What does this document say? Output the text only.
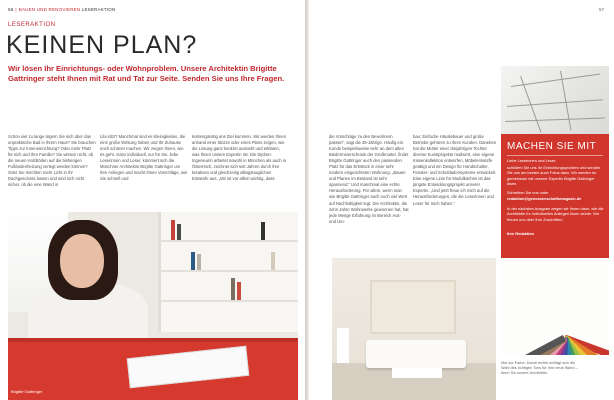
56 | BAUEN UND RENOVIEREN LESERAKTION
LESERAKTION
KEINEN PLAN?
Wir lösen Ihr Einrichtungs- oder Wohnproblem. Unsere Architektin Brigitte Gattringer steht Ihnen mit Rat und Tat zur Seite. Senden Sie uns Ihre Fragen.

Schon viel zu lange ärgern Sie sich über das unpraktische Bad in Ihrem Haus? Sie brauchen Tipps zur Inneneinrichtung? Oder mehr Platz für sich und Ihre Familie? Sie wissen nicht, ob die neuen Holzböden auf die bisherigen Fußbodenheizung verlegt werden können? Oder Sie möchten mehr Licht in Ihr Dachgeschoss lassen und sind sich nicht sicher, ob die eine Wand in

Lila sitzt? Manchmal sind es Kleinigkeiten, die eine große Wirkung haben und Ihr Zuhause noch schöner machen. Wir zeigen Ihnen, wie es geht. Ganz individuell, nur für Sie, liebe Leserinnen und Leser, kümmert sich die Münchner Architektin Brigitte Gattringer um Ihre Anliegen und macht Ihnen Vorschläge, wie Sie schnell und

kostengünstig ans Ziel kommen. Wir werden Ihnen anhand einer Skizze oder eines Plans zeigen, wie die Lösung ganz konkret aussieht und erklären, was Ihnen unsere Expertin rät. Die Diplom-Ingenieurin arbeitet sowohl in München als auch in Österreich, zeichnet sich seit Jahren durch ihre kreativen und gleichzeitig alltagstauglichen Entwürfe aus. „Mir ist vor allem wichtig, dass

Brigitte Gattringer
57

die Vorschläge zu den Bewohnern passen“, sagt die 35-Jährige. Häufig ein Kunde beispielsweise sehr an dem alten Biedermeierschrank der Großmutter, findet Brigitte Gattringer auch den passenden Platz für das Erbstück in einer sehr modern eingerichteten Wohnung. „Bauen und Planen im Bestand ist sehr spannend.“ Und manchmal eine echte Herausforderung. Für allem, wenn man wie Brigitte Gattringer auch noch viel Wert auf Nachhaltigkeit legt. Die Architektin, die zehn Jahre Wohnwerke gewonnen hat, hat jede Menge Erfahrung im Bereich Aus- und Um-

bau: Einfache Häuslebauer und große Betriebe gehören zu ihren Kunden. Daneben hat die Mutter einer dreijährigen Tochter diverse Kunstprojekte realisiert, eine eigene Kissenkollektion entworfen, Möbelentwürfe getätigt und ein Design für Handschalter, Fenster- und Schubladensysteme entwickelt. Eine eigene Linie für Modulküchen ist das jüngste Entwicklungsprojekt unserer Expertin. „Und jetzt freue ich mich auf die Herausforderungen, die die Leserinnen und Leser für mich haben.“

MACHEN SIE MIT
Liebe Leserinnen und Leser,
schildern Sie uns Ihr Einrichtungsproblem und senden Sie uns am besten auch Fotos dazu. Wir werden es gemeinsam mit unserer Expertin Brigitte Gattringer lösen.
Schreiben Sie uns unter
redaktion@genossenschaftsmagazin.de
In der nächsten Ausgabe zeigen wir Ihnen dann, wie die Architektin Ihr individuelles Anliegen lösen würde. Wir freuen uns über Ihre Zuschriften.
Ihre Redaktion
Mut zur Farbe: Damit rechts schlägt sich die Wahl des richtigen Tons für Ihre neue Wand – denn Sie unsere Architektin.
